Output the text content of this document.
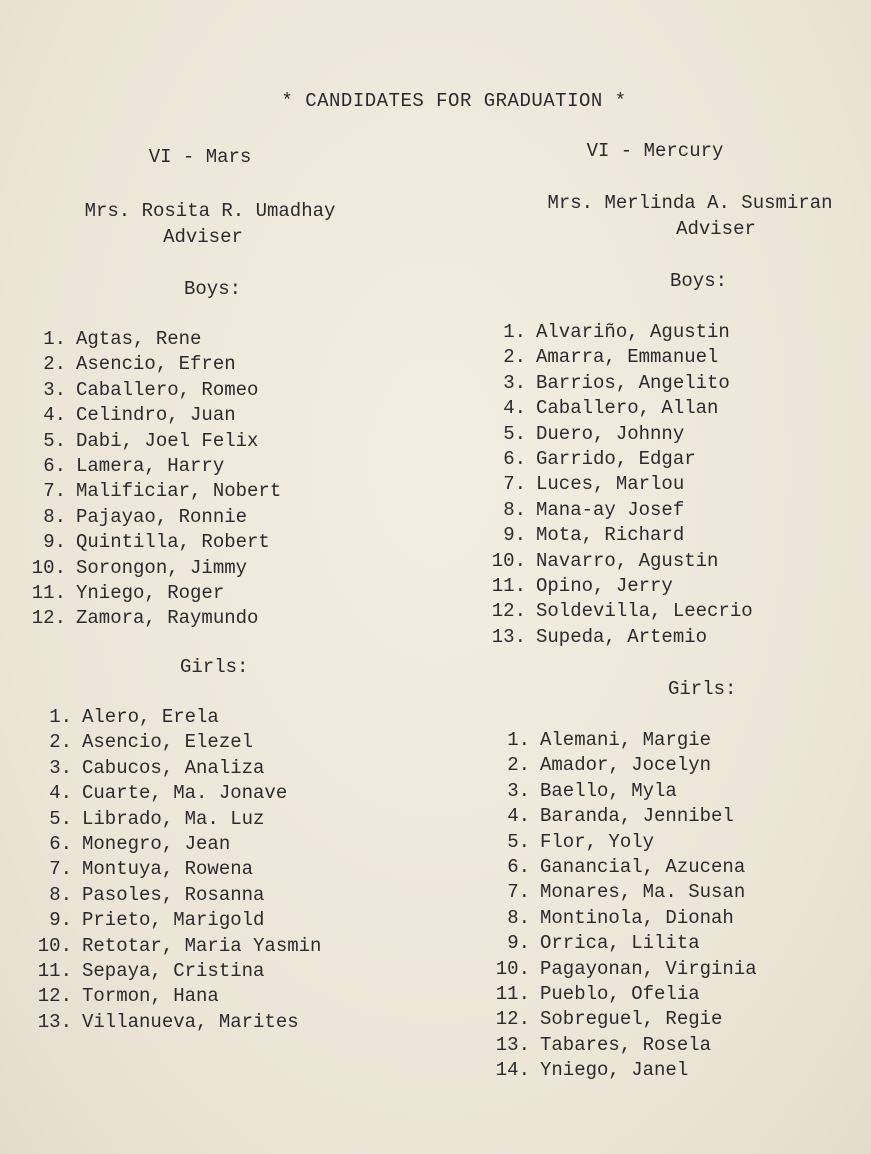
* CANDIDATES FOR GRADUATION *
VI - Mars
Mrs. Rosita R. Umadhay
Adviser
Boys:
1. Agtas, Rene
2. Asencio, Efren
3. Caballero, Romeo
4. Celindro, Juan
5. Dabi, Joel Felix
6. Lamera, Harry
7. Malificiar, Nobert
8. Pajayao, Ronnie
9. Quintilla, Robert
10. Sorongon, Jimmy
11. Yniego, Roger
12. Zamora, Raymundo
Girls:
1. Alero, Erela
2. Asencio, Elezel
3. Cabucos, Analiza
4. Cuarte, Ma. Jonave
5. Librado, Ma. Luz
6. Monegro, Jean
7. Montuya, Rowena
8. Pasoles, Rosanna
9. Prieto, Marigold
10. Retotar, Maria Yasmin
11. Sepaya, Cristina
12. Tormon, Hana
13. Villanueva, Marites
VI - Mercury
Mrs. Merlinda A. Susmiran
Adviser
Boys:
1. Alvariño, Agustin
2. Amarra, Emmanuel
3. Barrios, Angelito
4. Caballero, Allan
5. Duero, Johnny
6. Garrido, Edgar
7. Luces, Marlou
8. Mana-ay Josef
9. Mota, Richard
10. Navarro, Agustin
11. Opino, Jerry
12. Soldevilla, Leecrio
13. Supeda, Artemio
Girls:
1. Alemani, Margie
2. Amador, Jocelyn
3. Baello, Myla
4. Baranda, Jennibel
5. Flor, Yoly
6. Ganancial, Azucena
7. Monares, Ma. Susan
8. Montinola, Dionah
9. Orrica, Lilita
10. Pagayonan, Virginia
11. Pueblo, Ofelia
12. Sobreguel, Regie
13. Tabares, Rosela
14. Yniego, Janel
